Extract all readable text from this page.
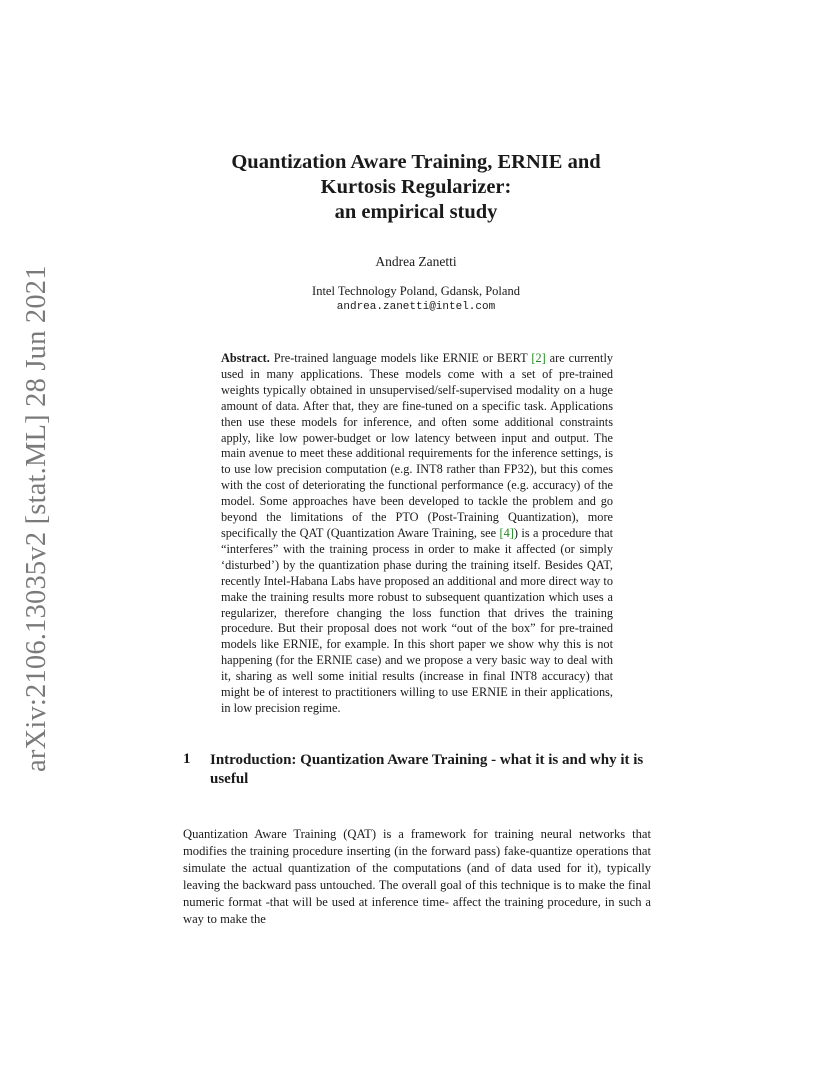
arXiv:2106.13035v2 [stat.ML] 28 Jun 2021
Quantization Aware Training, ERNIE and
Kurtosis Regularizer:
an empirical study
Andrea Zanetti
Intel Technology Poland, Gdansk, Poland
andrea.zanetti@intel.com
Abstract. Pre-trained language models like ERNIE or BERT [2] are currently used in many applications. These models come with a set of pre-trained weights typically obtained in unsupervised/self-supervised modality on a huge amount of data. After that, they are fine-tuned on a specific task. Applications then use these models for inference, and often some additional constraints apply, like low power-budget or low latency between input and output. The main avenue to meet these additional requirements for the inference settings, is to use low precision computation (e.g. INT8 rather than FP32), but this comes with the cost of deteriorating the functional performance (e.g. accuracy) of the model. Some approaches have been developed to tackle the problem and go beyond the limitations of the PTO (Post-Training Quantization), more specifically the QAT (Quantization Aware Training, see [4]) is a procedure that “interferes” with the training process in order to make it affected (or simply ‘disturbed’) by the quantization phase during the training itself. Besides QAT, recently Intel-Habana Labs have proposed an additional and more direct way to make the training results more robust to subsequent quantization which uses a regularizer, therefore changing the loss function that drives the training procedure. But their proposal does not work “out of the box” for pre-trained models like ERNIE, for example. In this short paper we show why this is not happening (for the ERNIE case) and we propose a very basic way to deal with it, sharing as well some initial results (increase in final INT8 accuracy) that might be of interest to practitioners willing to use ERNIE in their applications, in low precision regime.
1 Introduction: Quantization Aware Training - what it is and why it is useful
Quantization Aware Training (QAT) is a framework for training neural networks that modifies the training procedure inserting (in the forward pass) fake-quantize operations that simulate the actual quantization of the computations (and of data used for it), typically leaving the backward pass untouched. The overall goal of this technique is to make the final numeric format -that will be used at inference time- affect the training procedure, in such a way to make the
